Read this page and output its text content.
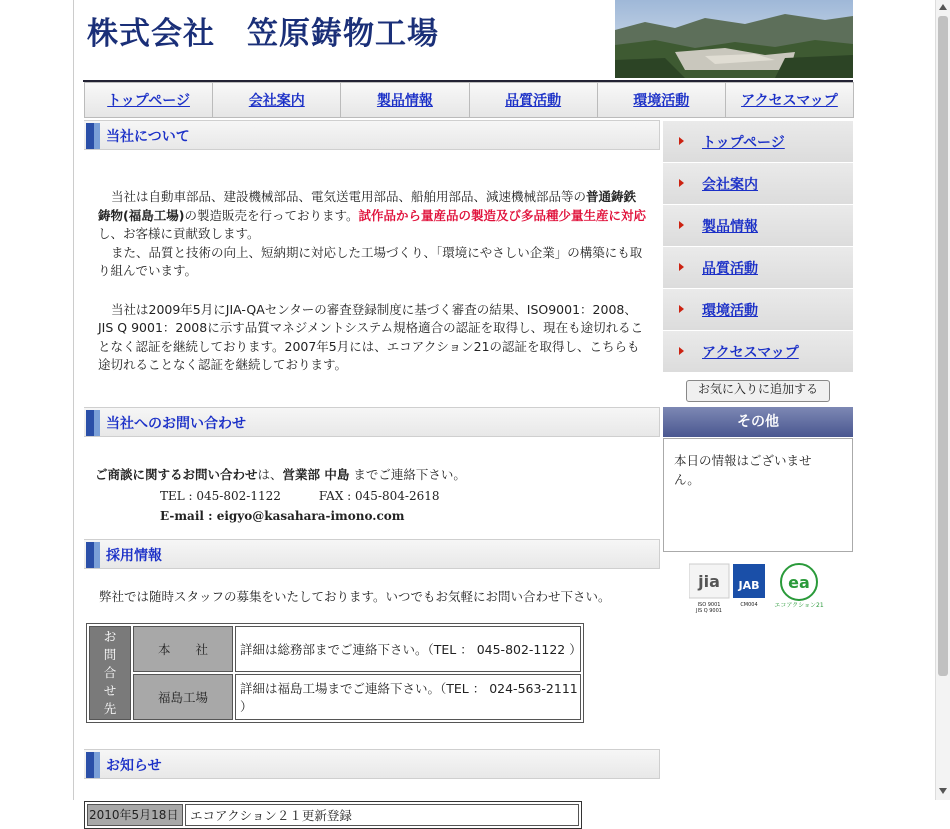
株式会社　笠原鋳物工場
トップページ	会社案内	製品情報	品質活動	環境活動	アクセスマップ
当社について
当社は自動車部品、建設機械部品、電気送電用部品、船舶用部品、減速機械部品等の普通鋳鉄鋳物(福島工場)の製造販売を行っております。試作品から量産品の製造及び多品種少量生産に対応し、お客様に貢献致します。
また、品質と技術の向上、短納期に対応した工場づくり、「環境にやさしい企業」の構築にも取り組んでいます。
当社は2009年5月にJIA-QAセンターの審査登録制度に基づく審査の結果、ISO9001：2008、JIS Q 9001：2008に示す品質マネジメントシステム規格適合の認証を取得し、現在も途切れることなく認証を継続しております。2007年5月には、エコアクション21の認証を取得し、こちらも途切れることなく認証を継続しております。
当社へのお問い合わせ
ご商談に関するお問い合わせは、営業部 中島 までご連絡下さい。
TEL : 045-802-1122	FAX : 045-804-2618
E-mail : eigyo@kasahara-imono.com
採用情報
弊社では随時スタッフの募集をいたしております。いつでもお気軽にお問い合わせ下さい。
お問合せ先	本　　社	詳細は総務部までご連絡下さい。（TEL ： 045-802-1122 ）
	福島工場	詳細は福島工場までご連絡下さい。（TEL ： 024-563-2111 ）
お知らせ
2010年5月18日	エコアクション２１更新登録
トップページ
会社案内
製品情報
品質活動
環境活動
アクセスマップ
お気に入りに追加する
その他
本日の情報はございません。
jia
ISO 9001
JIS Q 9001
JAB
CM004
ea
エコアクション21
